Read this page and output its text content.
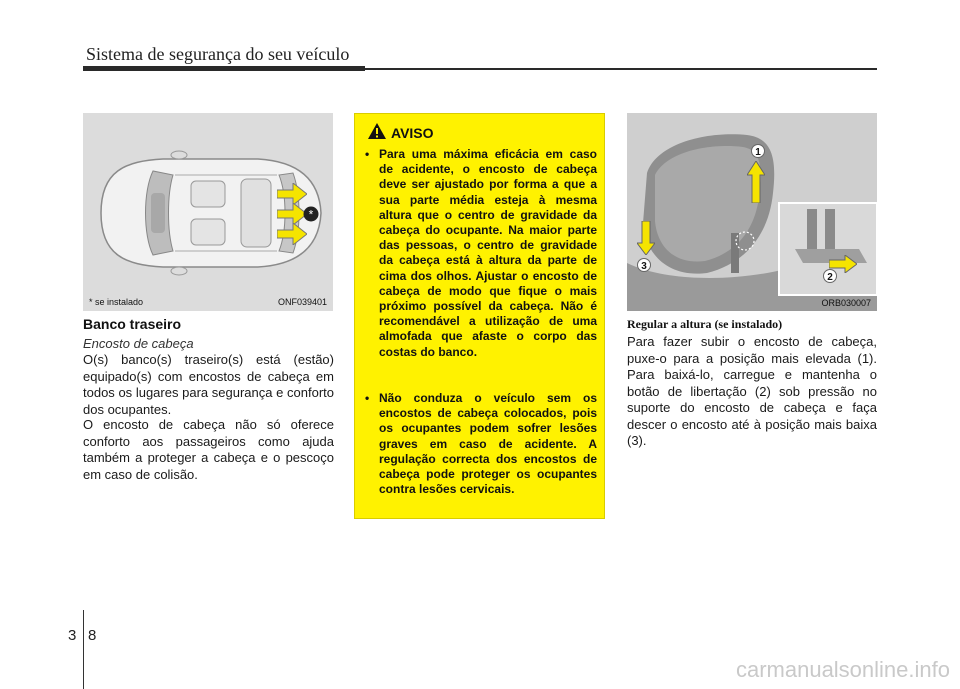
Sistema de segurança do seu veículo
*
* se instalado	ONF039401
Banco traseiro
Encosto de cabeça
O(s) banco(s) traseiro(s) está (estão) equipado(s) com encostos de cabeça em todos os lugares para segurança e conforto dos ocupantes.
O encosto de cabeça não só oferece conforto aos passageiros como ajuda também a proteger a cabeça e o pescoço em caso de colisão.
AVISO
• Para uma máxima eficácia em caso de acidente, o encosto de cabeça deve ser ajustado por forma a que a sua parte média esteja à mesma altura que o centro de gravidade da cabeça do ocupante. Na maior parte das pessoas, o centro de gravidade da cabeça está à altura da parte de cima dos olhos. Ajustar o encosto de cabeça de modo que fique o mais próximo possível da cabeça. Não é recomendável a utilização de uma almofada que afaste o corpo das costas do banco.
• Não conduza o veículo sem os encostos de cabeça colocados, pois os ocupantes podem sofrer lesões graves em caso de acidente. A regulação correcta dos encostos de cabeça pode proteger os ocupantes contra lesões cervicais.
1
2
3
ORB030007
Regular a altura (se instalado)
Para fazer subir o encosto de cabeça, puxe-o para a posição mais elevada (1). Para baixá-lo, carregue e mantenha o botão de libertação (2) sob pressão no suporte do encosto de cabeça e faça descer o encosto até à posição mais baixa (3).
3 8
carmanualsonline.info
